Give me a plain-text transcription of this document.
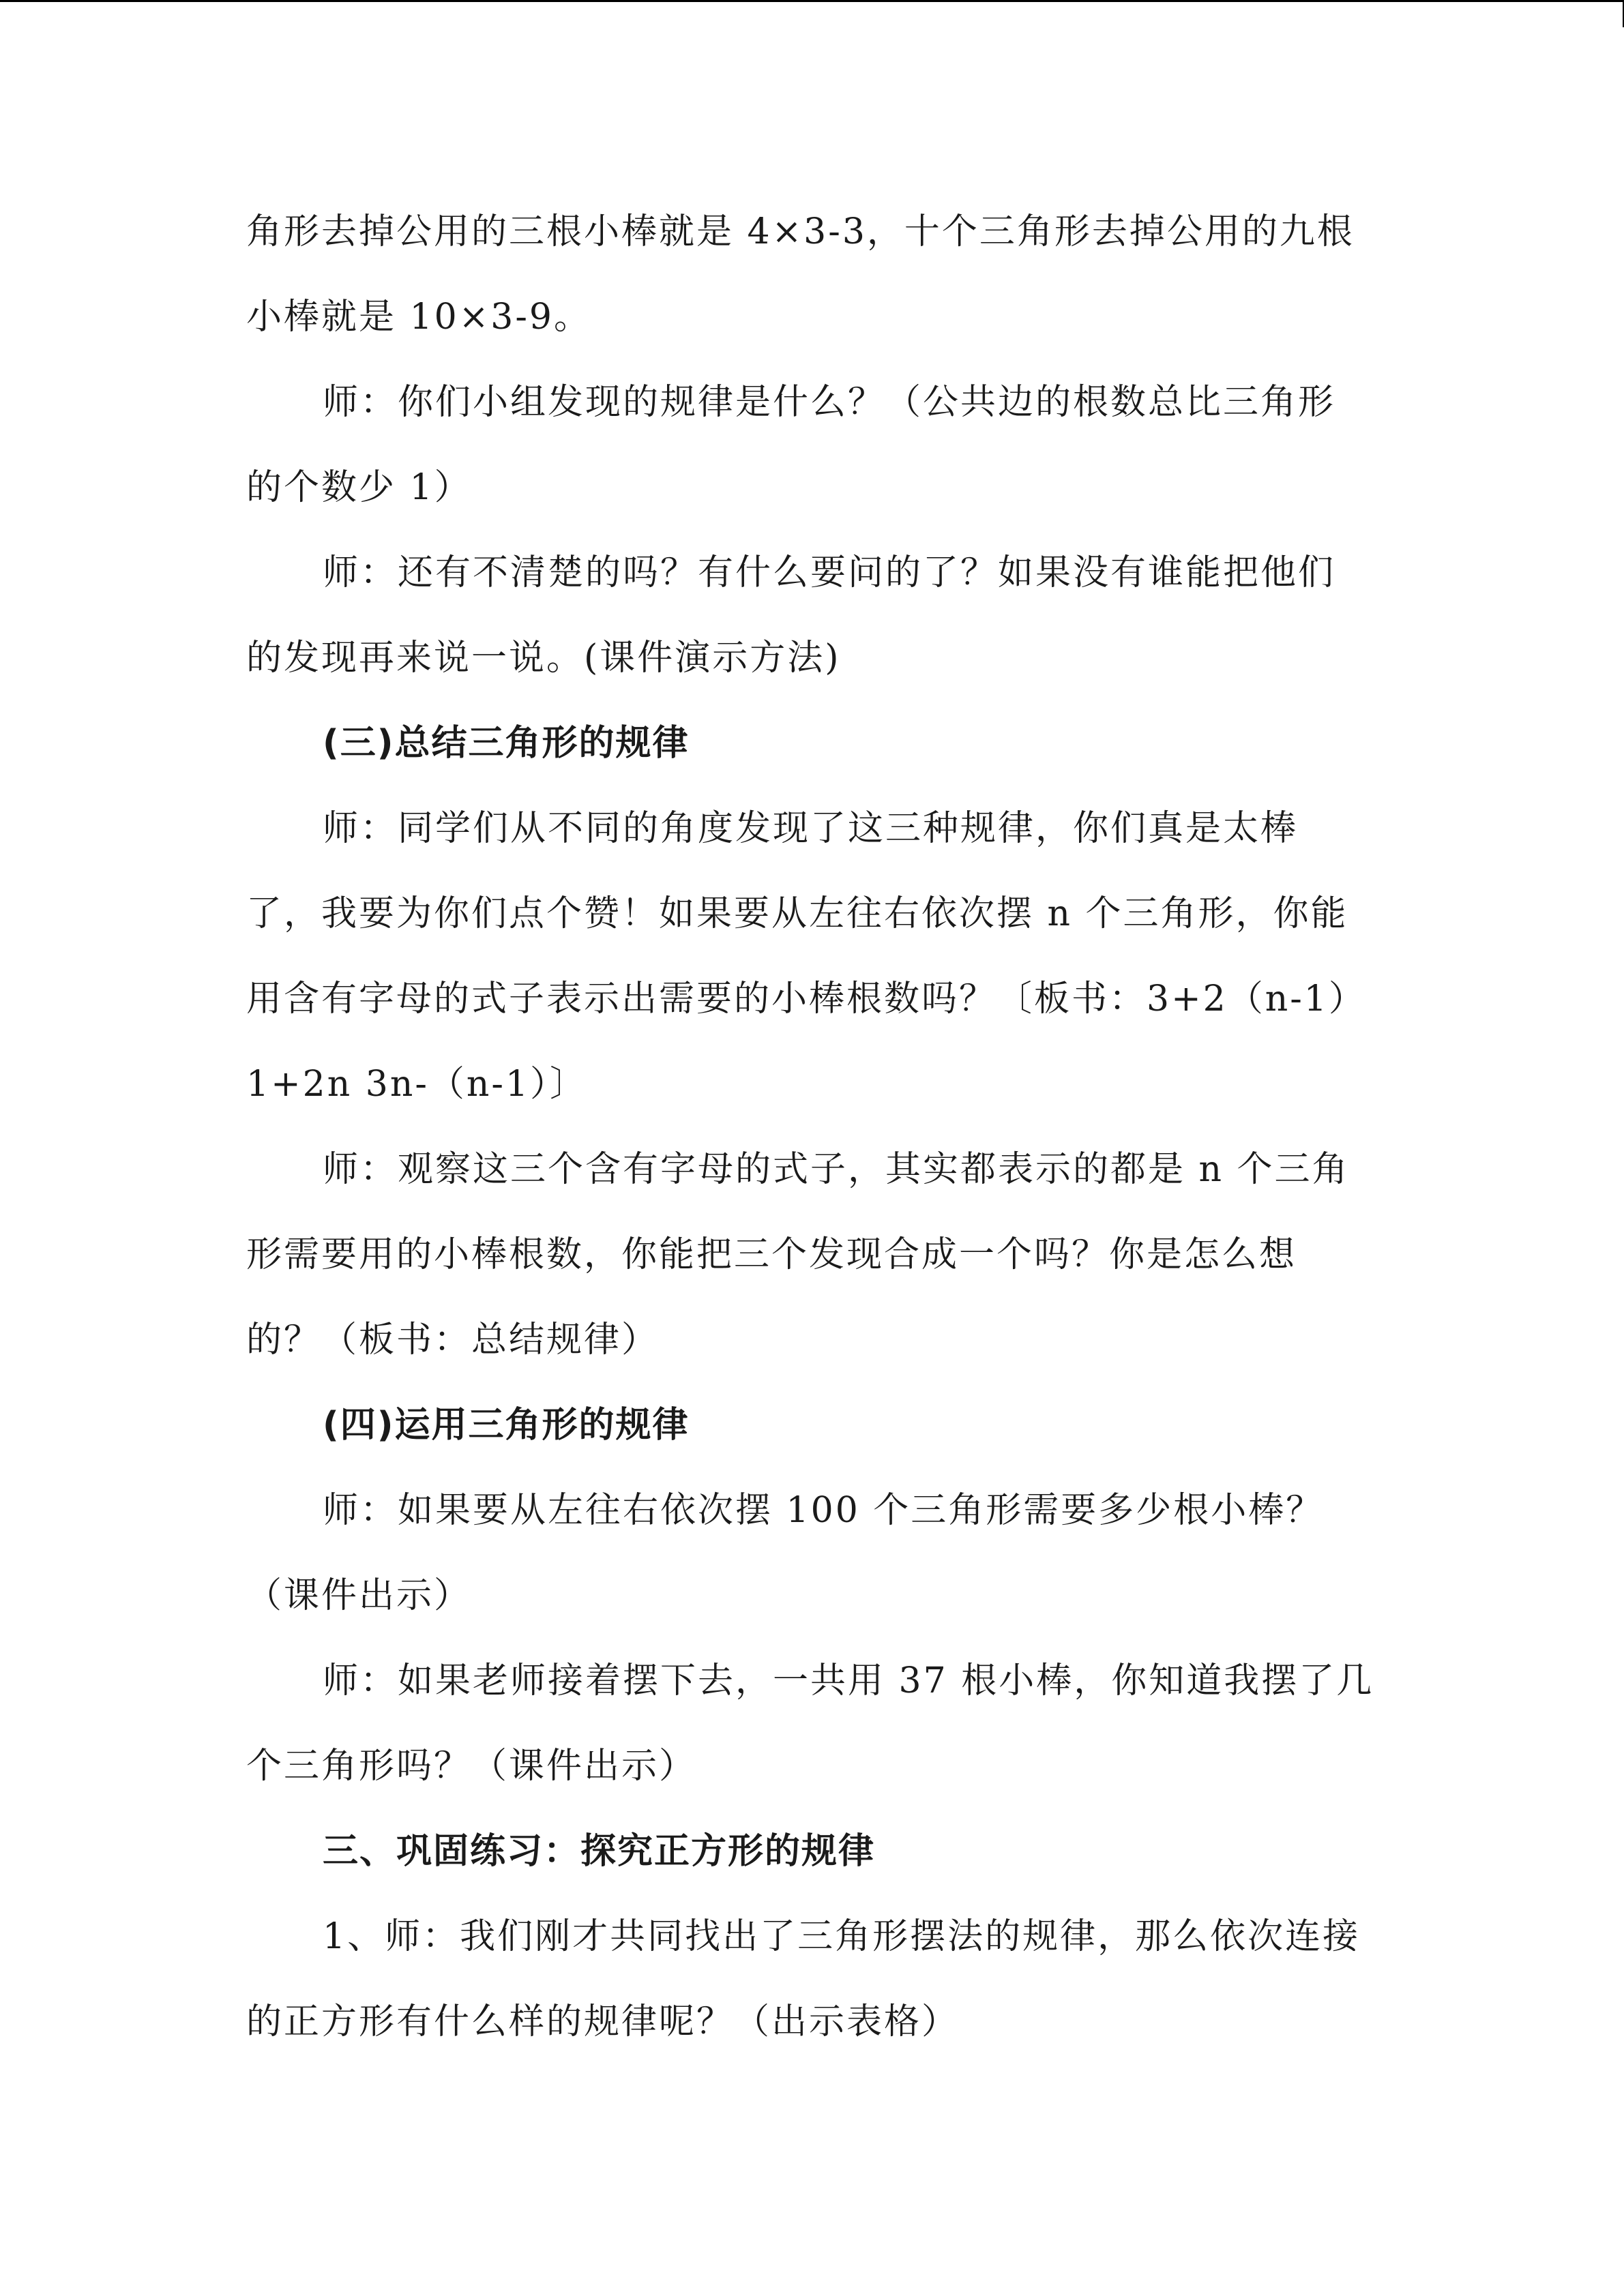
角形去掉公用的三根小棒就是 4×3-3，十个三角形去掉公用的九根
小棒就是 10×3-9。
师：你们小组发现的规律是什么？（公共边的根数总比三角形
的个数少 1）
师：还有不清楚的吗？有什么要问的了？如果没有谁能把他们
的发现再来说一说。(课件演示方法)
(三)总结三角形的规律
师：同学们从不同的角度发现了这三种规律，你们真是太棒
了，我要为你们点个赞！如果要从左往右依次摆 n 个三角形，你能
用含有字母的式子表示出需要的小棒根数吗？〔板书：3+2（n-1）
1+2n 3n-（n-1）〕
师：观察这三个含有字母的式子，其实都表示的都是 n 个三角
形需要用的小棒根数，你能把三个发现合成一个吗？你是怎么想
的？（板书：总结规律）
(四)运用三角形的规律
师：如果要从左往右依次摆 100 个三角形需要多少根小棒？
（课件出示）
师：如果老师接着摆下去，一共用 37 根小棒，你知道我摆了几
个三角形吗？（课件出示）
三、巩固练习：探究正方形的规律
1、师：我们刚才共同找出了三角形摆法的规律，那么依次连接
的正方形有什么样的规律呢？（出示表格）
